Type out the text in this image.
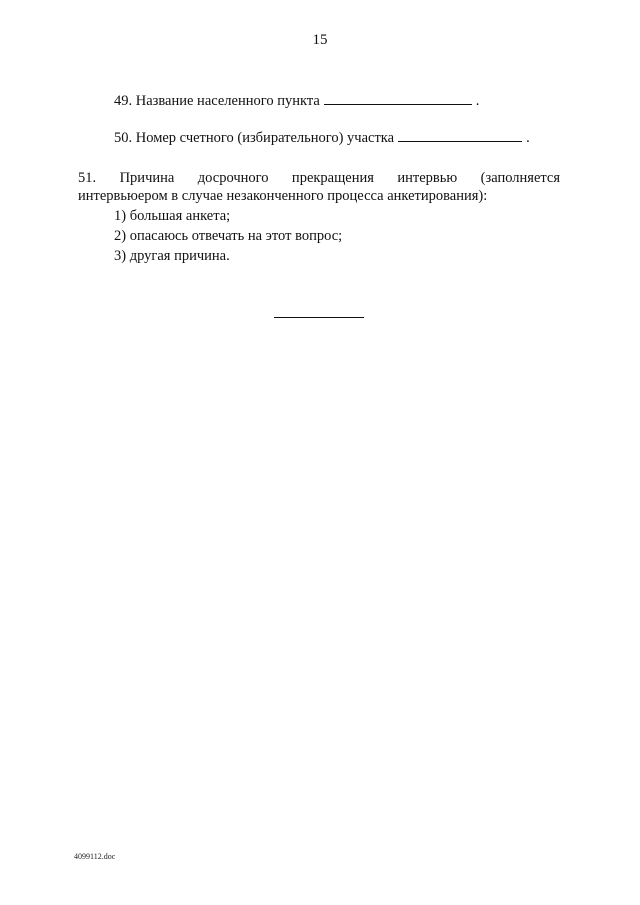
15
49. Название населенного пункта	.
50. Номер счетного (избирательного) участка	.
51. Причина досрочного прекращения интервью (заполняется
интервьюером в случае незаконченного процесса анкетирования):
1) большая анкета;
2) опасаюсь отвечать на этот вопрос;
3) другая причина.
4099112.doc
